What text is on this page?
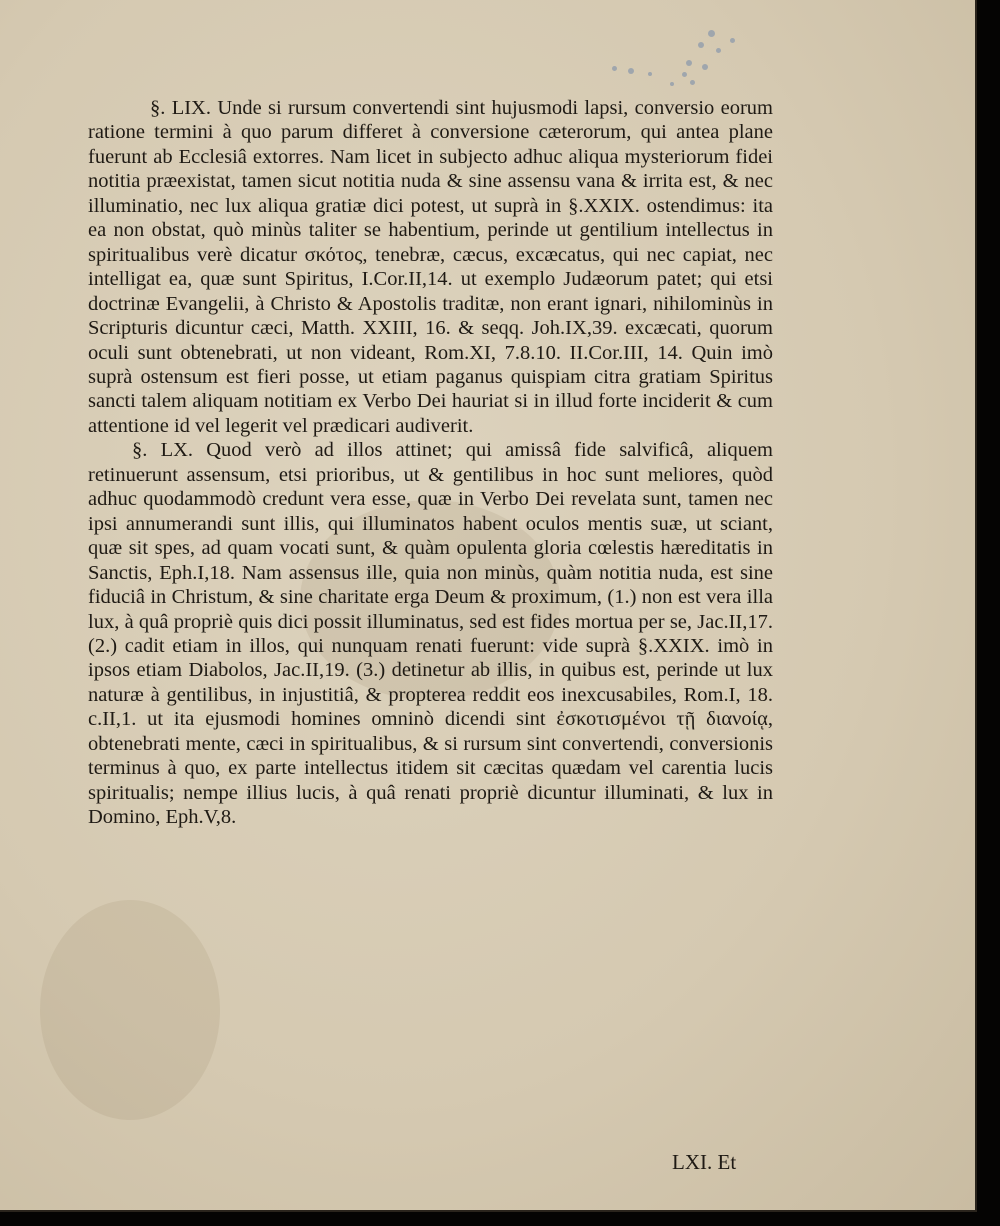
§. LIX. Unde si rursum convertendi sint hujusmodi lapsi, conversio eorum ratione termini à quo parum differet à conversione cæterorum, qui antea plane fuerunt ab Ecclesiâ extorres. Nam licet in subjecto adhuc aliqua mysteriorum fidei notitia præexistat, tamen sicut notitia nuda & sine assensu vana & irrita est, & nec illuminatio, nec lux aliqua gratiæ dici potest, ut suprà in §.XXIX. ostendimus: ita ea non obstat, quò minùs taliter se habentium, perinde ut gentilium intellectus in spiritualibus verè dicatur σκότος, tenebræ, cæcus, excæcatus, qui nec capiat, nec intelligat ea, quæ sunt Spiritus, I.Cor.II,14. ut exemplo Judæorum patet; qui etsi doctrinæ Evangelii, à Christo & Apostolis traditæ, non erant ignari, nihilominùs in Scripturis dicuntur cæci, Matth. XXIII, 16. & seqq. Joh.IX,39. excæcati, quorum oculi sunt obtenebrati, ut non videant, Rom.XI, 7.8.10. II.Cor.III, 14. Quin imò suprà ostensum est fieri posse, ut etiam paganus quispiam citra gratiam Spiritus sancti talem aliquam notitiam ex Verbo Dei hauriat si in illud forte inciderit & cum attentione id vel legerit vel prædicari audiverit.

§. LX. Quod verò ad illos attinet; qui amissâ fide salvificâ, aliquem retinuerunt assensum, etsi prioribus, ut & gentilibus in hoc sunt meliores, quòd adhuc quodammodò credunt vera esse, quæ in Verbo Dei revelata sunt, tamen nec ipsi annumerandi sunt illis, qui illuminatos habent oculos mentis suæ, ut sciant, quæ sit spes, ad quam vocati sunt, & quàm opulenta gloria cœlestis hæreditatis in Sanctis, Eph.I,18. Nam assensus ille, quia non minùs, quàm notitia nuda, est sine fiduciâ in Christum, & sine charitate erga Deum & proximum, (1.) non est vera illa lux, à quâ propriè quis dici possit illuminatus, sed est fides mortua per se, Jac.II,17. (2.) cadit etiam in illos, qui nunquam renati fuerunt: vide suprà §.XXIX. imò in ipsos etiam Diabolos, Jac.II,19. (3.) detinetur ab illis, in quibus est, perinde ut lux naturæ à gentilibus, in injustitiâ, & propterea reddit eos inexcusabiles, Rom.I, 18. c.II,1. ut ita ejusmodi homines omninò dicendi sint ἐσκοτισμένοι τῇ διανοίᾳ, obtenebrati mente, cæci in spiritualibus, & si rursum sint convertendi, conversionis terminus à quo, ex parte intellectus itidem sit cæcitas quædam vel carentia lucis spiritualis; nempe illius lucis, à quâ renati propriè dicuntur illuminati, & lux in Domino, Eph.V,8.

LXI. Et
